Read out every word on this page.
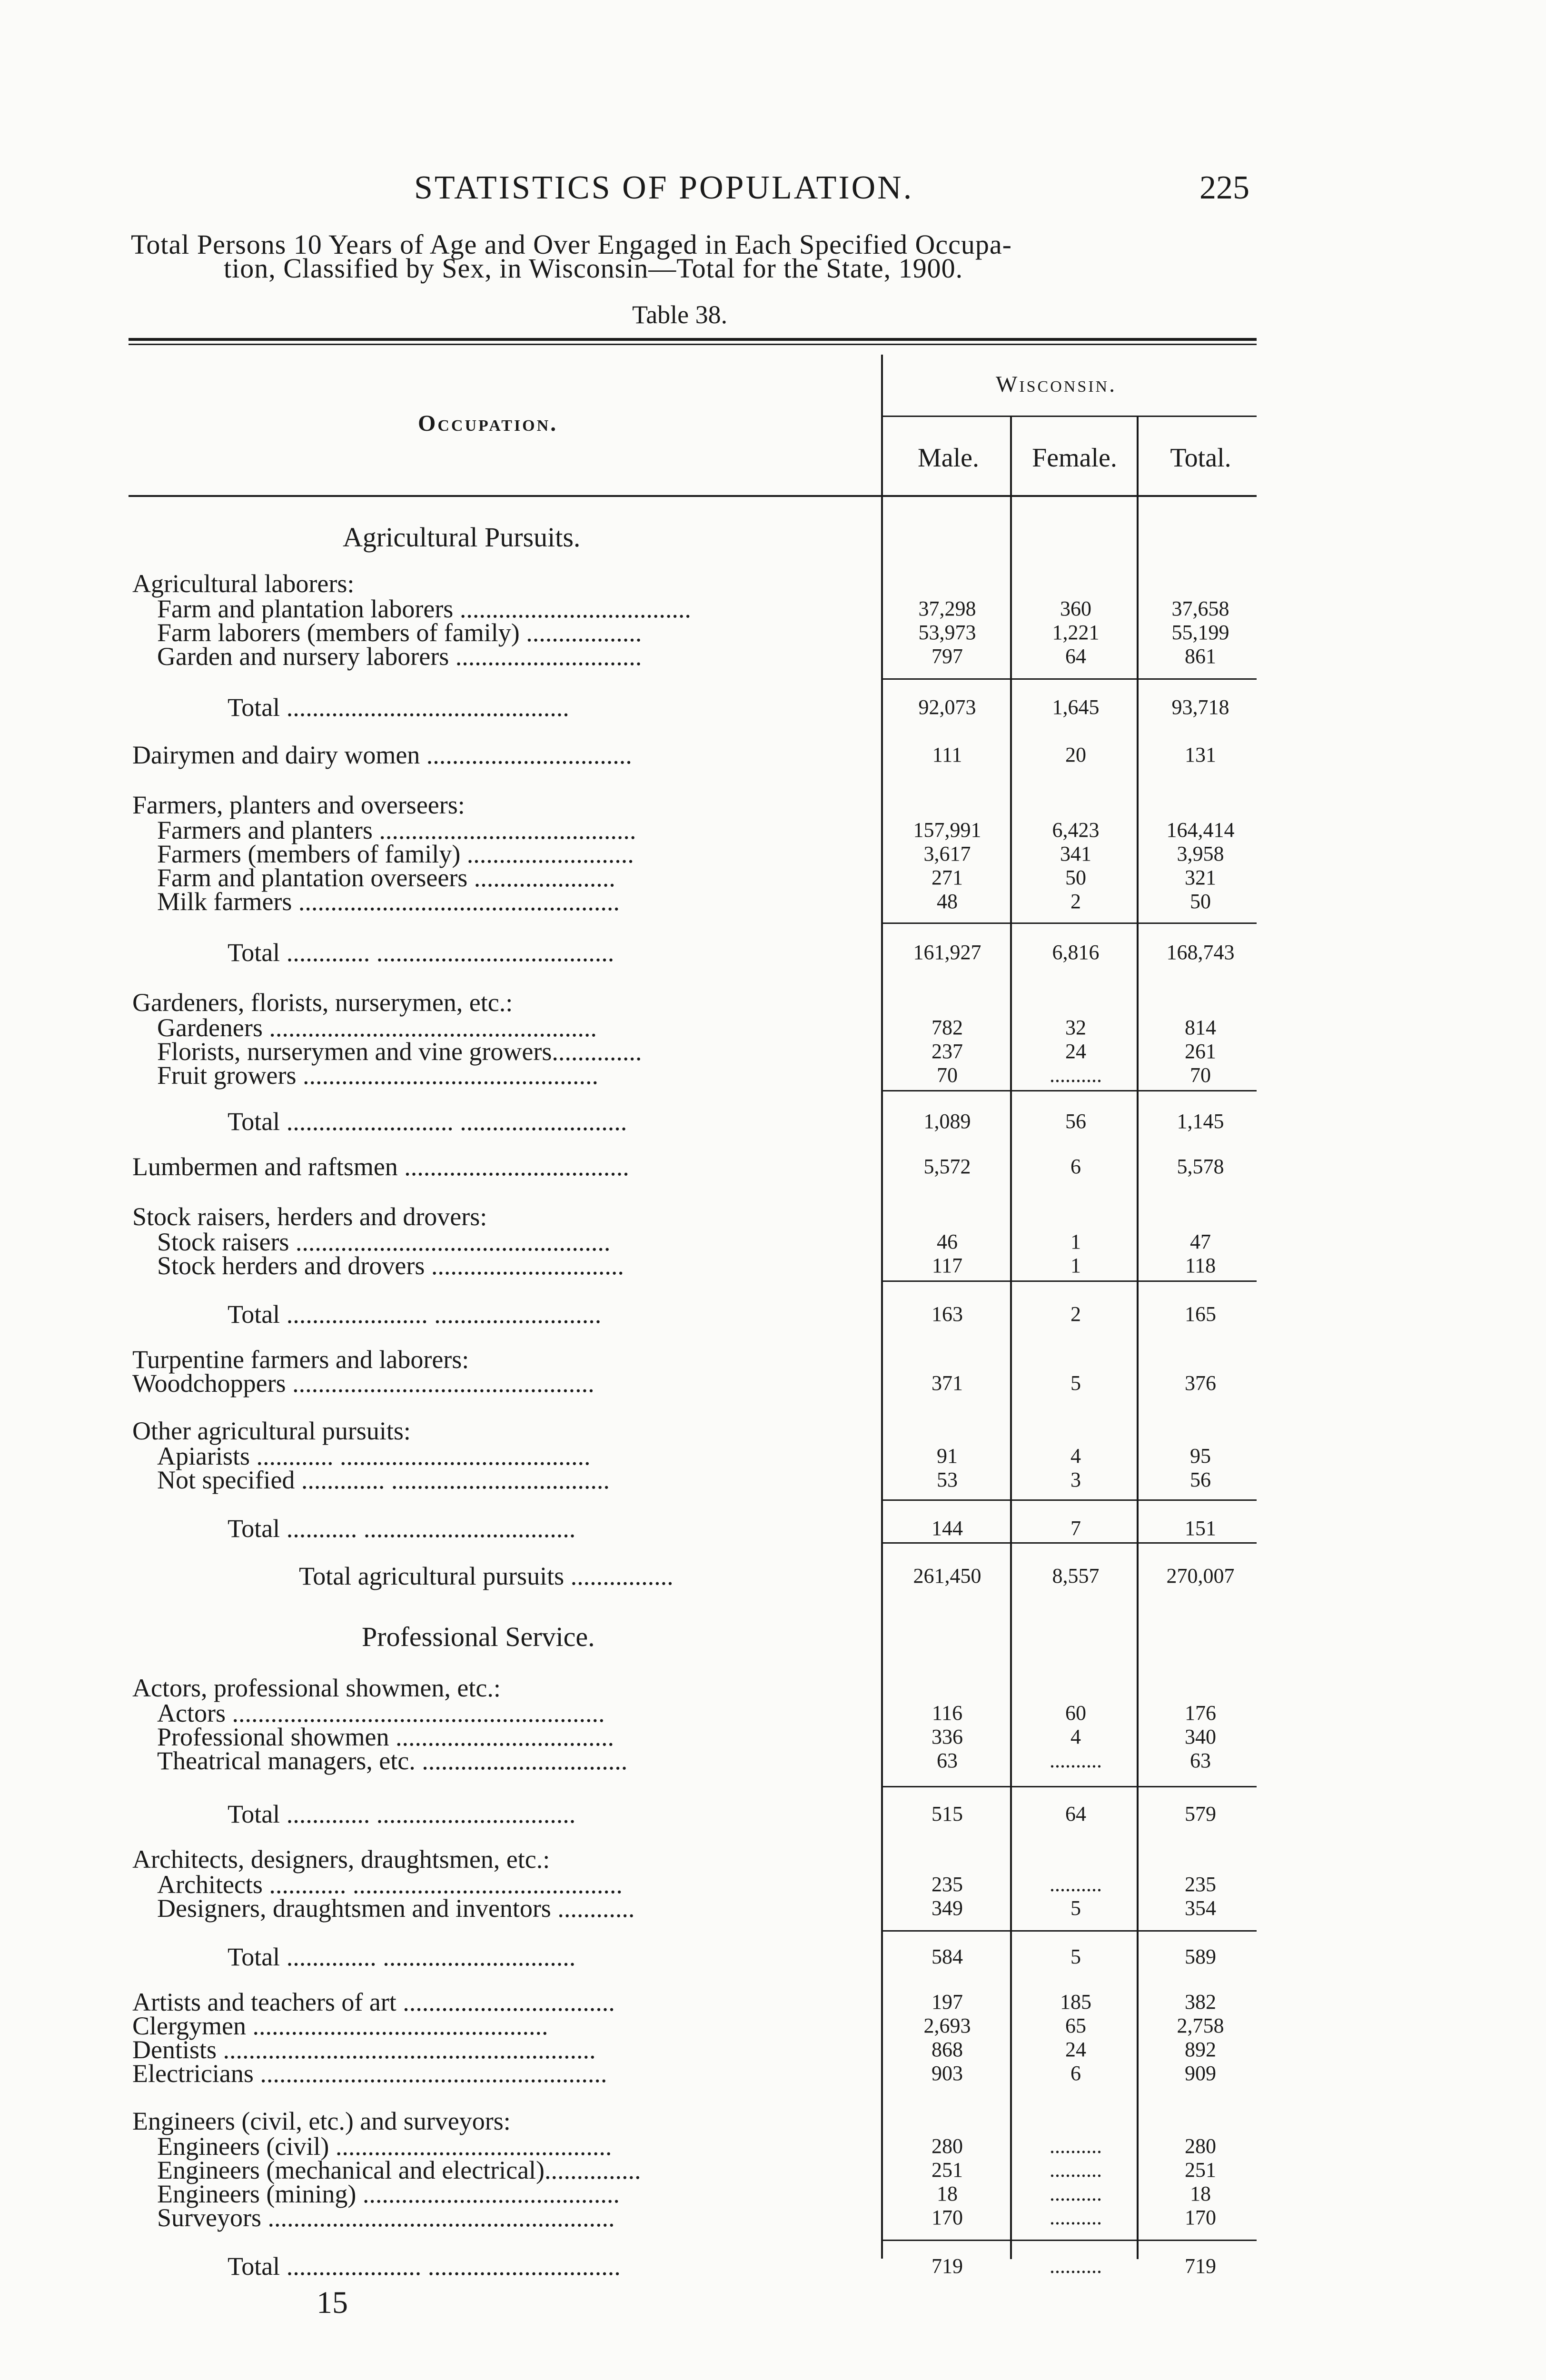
STATISTICS OF POPULATION.	225
Total Persons 10 Years of Age and Over Engaged in Each Specified Occupa-
tion, Classified by Sex, in Wisconsin—Total for the State, 1900.
Table 38.
Occupation.
Wisconsin.
Male.	Female.	Total.
Agricultural Pursuits.
Professional Service.
Agricultural laborers:
Farm and plantation laborers ....................................	37,298	360	37,658
Farm laborers (members of family) ..................	53,973	1,221	55,199
Garden and nursery laborers .............................	797	64	861
Total ............................................	92,073	1,645	93,718
Dairymen and dairy women ................................	111	20	131
Farmers, planters and overseers:
Farmers and planters ........................................	157,991	6,423	164,414
Farmers (members of family) ..........................	3,617	341	3,958
Farm and plantation overseers ......................	271	50	321
Milk farmers ..................................................	48	2	50
Total ............. .....................................	161,927	6,816	168,743
Gardeners, florists, nurserymen, etc.:
Gardeners ...................................................	782	32	814
Florists, nurserymen and vine growers..............	237	24	261
Fruit growers ..............................................	70	..........	70
Total .......................... ..........................	1,089	56	1,145
Lumbermen and raftsmen ...................................	5,572	6	5,578
Stock raisers, herders and drovers:
Stock raisers .................................................	46	1	47
Stock herders and drovers ..............................	117	1	118
Total ...................... ..........................	163	2	165
Turpentine farmers and laborers:
Woodchoppers ...............................................	371	5	376
Other agricultural pursuits:
Apiarists ............ .......................................	91	4	95
Not specified ............. ..................................	53	3	56
Total ........... .................................	144	7	151
Total agricultural pursuits ................	261,450	8,557	270,007
Actors, professional showmen, etc.:
Actors ..........................................................	116	60	176
Professional showmen ..................................	336	4	340
Theatrical managers, etc. ................................	63	..........	63
Total ............. ...............................	515	64	579
Architects, designers, draughtsmen, etc.:
Architects ............ ..........................................	235	..........	235
Designers, draughtsmen and inventors ............	349	5	354
Total .............. ..............................	584	5	589
Artists and teachers of art .................................	197	185	382
Clergymen ..............................................	2,693	65	2,758
Dentists ..........................................................	868	24	892
Electricians ......................................................	903	6	909
Engineers (civil, etc.) and surveyors:
Engineers (civil) ...........................................	280	..........	280
Engineers (mechanical and electrical)...............	251	..........	251
Engineers (mining) ........................................	18	..........	18
Surveyors ......................................................	170	..........	170
Total ..................... ..............................	719	..........	719
15
